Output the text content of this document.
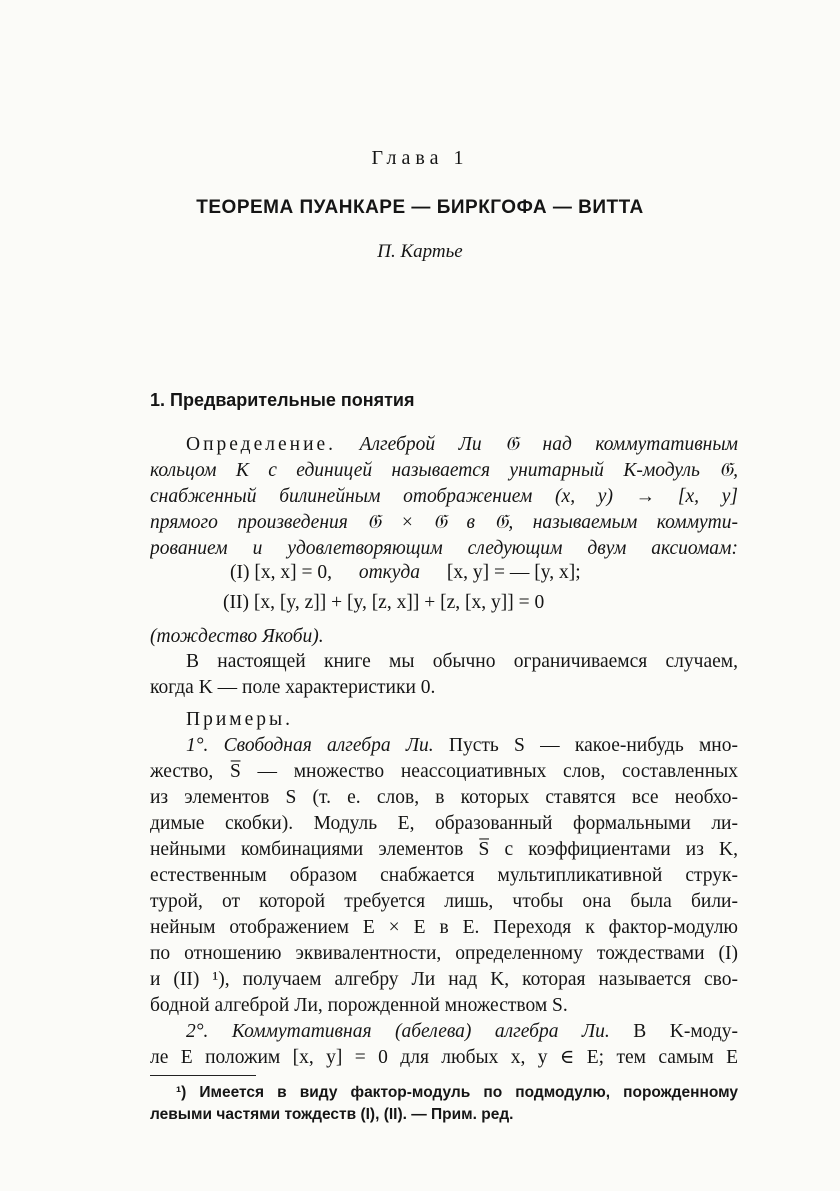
Глава 1
ТЕОРЕМА ПУАНКАРЕ — БИРКГОФА — ВИТТА
П. Картье
1. Предварительные понятия
Определение. Алгеброй Ли 𝔊 над коммутативным
кольцом K с единицей называется унитарный K-модуль 𝔊,
снабженный билинейным отображением (x, y) → [x, y]
прямого произведения 𝔊 × 𝔊 в 𝔊, называемым коммути-
рованием и удовлетворяющим следующим двум аксиомам:
(I) [x, x] = 0, откуда [x, y] = — [y, x];
(II) [x, [y, z]] + [y, [z, x]] + [z, [x, y]] = 0
(тождество Якоби).
В настоящей книге мы обычно ограничиваемся случаем,
когда K — поле характеристики 0.
Примеры.
1°. Свободная алгебра Ли. Пусть S — какое-нибудь мно-
жество, S̅ — множество неассоциативных слов, составленных
из элементов S (т. е. слов, в которых ставятся все необхо-
димые скобки). Модуль E, образованный формальными ли-
нейными комбинациями элементов S̅ с коэффициентами из K,
естественным образом снабжается мультипликативной струк-
турой, от которой требуется лишь, чтобы она была били-
нейным отображением E × E в E. Переходя к фактор-модулю
по отношению эквивалентности, определенному тождествами (I)
и (II) ¹), получаем алгебру Ли над K, которая называется сво-
бодной алгеброй Ли, порожденной множеством S.
2°. Коммутативная (абелева) алгебра Ли. В K-моду-
ле E положим [x, y] = 0 для любых x, y ∈ E; тем самым E
¹) Имеется в виду фактор-модуль по подмодулю, порожденному
левыми частями тождеств (I), (II). — Прим. ред.
